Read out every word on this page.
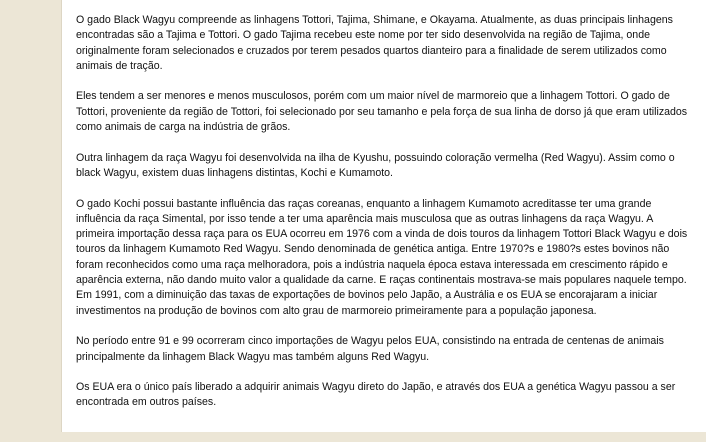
O gado Black Wagyu compreende as linhagens Tottori, Tajima, Shimane, e Okayama. Atualmente, as duas principais linhagens encontradas são a Tajima e Tottori. O gado Tajima recebeu este nome por ter sido desenvolvida na região de Tajima, onde originalmente foram selecionados e cruzados por terem pesados quartos dianteiro para a finalidade de serem utilizados como animais de tração.

Eles tendem a ser menores e menos musculosos, porém com um maior nível de marmoreio que a linhagem Tottori. O gado de Tottori, proveniente da região de Tottori, foi selecionado por seu tamanho e pela força de sua linha de dorso já que eram utilizados como animais de carga na indústria de grãos.

Outra linhagem da raça Wagyu foi desenvolvida na ilha de Kyushu, possuindo coloração vermelha (Red Wagyu). Assim como o black Wagyu, existem duas linhagens distintas, Kochi e Kumamoto.

O gado Kochi possui bastante influência das raças coreanas, enquanto a linhagem Kumamoto acreditasse ter uma grande influência da raça Simental, por isso tende a ter uma aparência mais musculosa que as outras linhagens da raça Wagyu. A primeira importação dessa raça para os EUA ocorreu em 1976 com a vinda de dois touros da linhagem Tottori Black Wagyu e dois touros da linhagem Kumamoto Red Wagyu. Sendo denominada de genética antiga. Entre 1970?s e 1980?s estes bovinos não foram reconhecidos como uma raça melhoradora, pois a indústria naquela época estava interessada em crescimento rápido e aparência externa, não dando muito valor a qualidade da carne. E raças continentais mostrava-se mais populares naquele tempo. Em 1991, com a diminuição das taxas de exportações de bovinos pelo Japão, a Austrália e os EUA se encorajaram a iniciar investimentos na produção de bovinos com alto grau de marmoreio primeiramente para a população japonesa.

No período entre 91 e 99 ocorreram cinco importações de Wagyu pelos EUA, consistindo na entrada de centenas de animais principalmente da linhagem Black Wagyu mas também alguns Red Wagyu.

Os EUA era o único país liberado a adquirir animais Wagyu direto do Japão, e através dos EUA a genética Wagyu passou a ser encontrada em outros países.
